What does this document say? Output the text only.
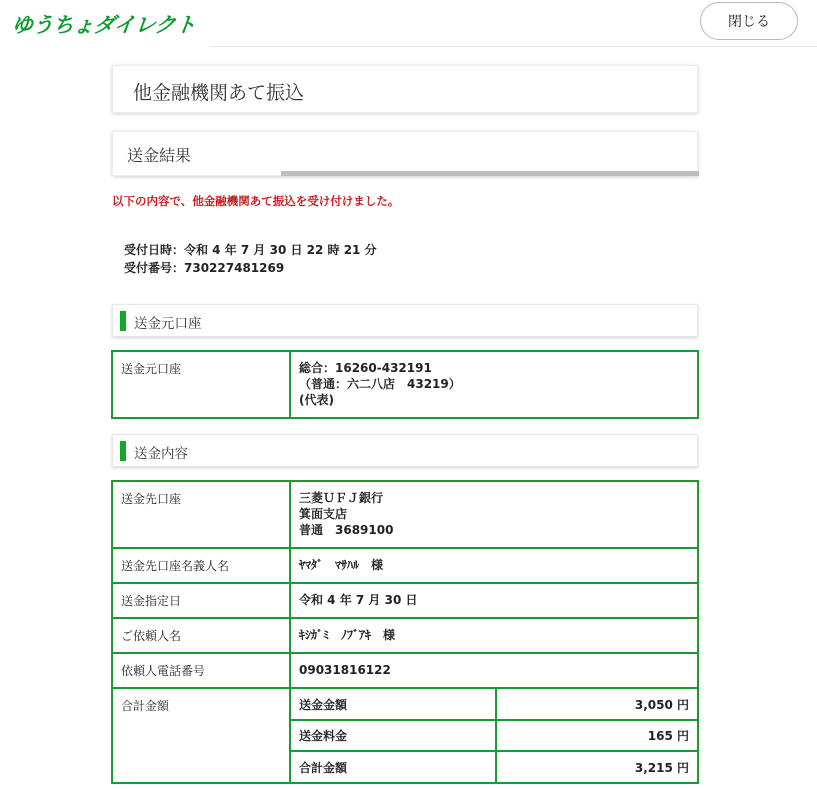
ゆうちょダイレクト	閉じる
他金融機関あて振込
送金結果
以下の内容で、他金融機関あて振込を受け付けました。
受付日時：令和 4 年 7 月 30 日 22 時 21 分
受付番号：730227481269
送金元口座
送金元口座	総合：16260-432191
（普通：六二八店　43219）
(代表)
送金内容
送金先口座	三菱ＵＦＪ銀行
箕面支店
普通　3689100

送金先口座名義人名	ﾔﾏﾀﾞ　ﾏｻﾊﾙ　様
送金指定日	令和 4 年 7 月 30 日
ご依頼人名	ｷｼｶﾞﾐ　ﾉﾌﾞｱｷ　様
依頼人電話番号	09031816122
合計金額		送金金額	3,050 円
送金料金	165 円
合計金額	3,215 円
